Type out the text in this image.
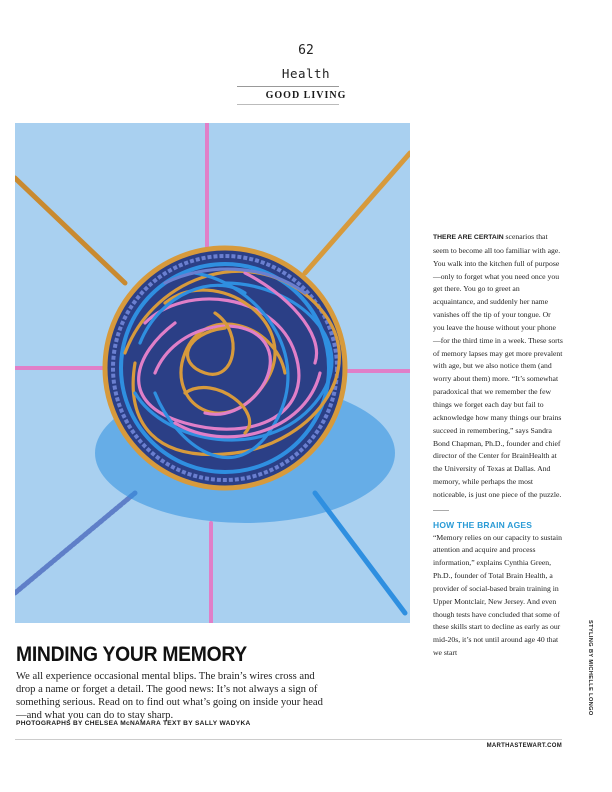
62
Health
GOOD LIVING
MINDING YOUR MEMORY
We all experience occasional mental blips. The brain’s wires cross and drop a name or forget a detail. The good news: It’s not always a sign of something serious. Read on to find out what’s going on inside your head—and what you can do to stay sharp.
PHOTOGRAPHS BY CHELSEA McNAMARA TEXT BY SALLY WADYKA

THERE ARE CERTAIN scenarios that seem to become all too familiar with age. You walk into the kitchen full of purpose—only to forget what you need once you get there. You go to greet an acquaintance, and suddenly her name vanishes off the tip of your tongue. Or you leave the house without your phone—for the third time in a week. These sorts of memory lapses may get more prevalent with age, but we also notice them (and worry about them) more. “It’s somewhat paradoxical that we remember the few things we forget each day but fail to acknowledge how many things our brains succeed in remembering,” says Sandra Bond Chapman, Ph.D., founder and chief director of the Center for BrainHealth at the University of Texas at Dallas. And memory, while perhaps the most noticeable, is just one piece of the puzzle.

HOW THE BRAIN AGES

“Memory relies on our capacity to sustain attention and acquire and process information,” explains Cynthia Green, Ph.D., founder of Total Brain Health, a provider of social-based brain training in Upper Montclair, New Jersey. And even though tests have concluded that some of these skills start to decline as early as our mid-20s, it’s not until around age 40 that we start

MARTHASTEWART.COM
STYLING BY MICHELLE LONGO
